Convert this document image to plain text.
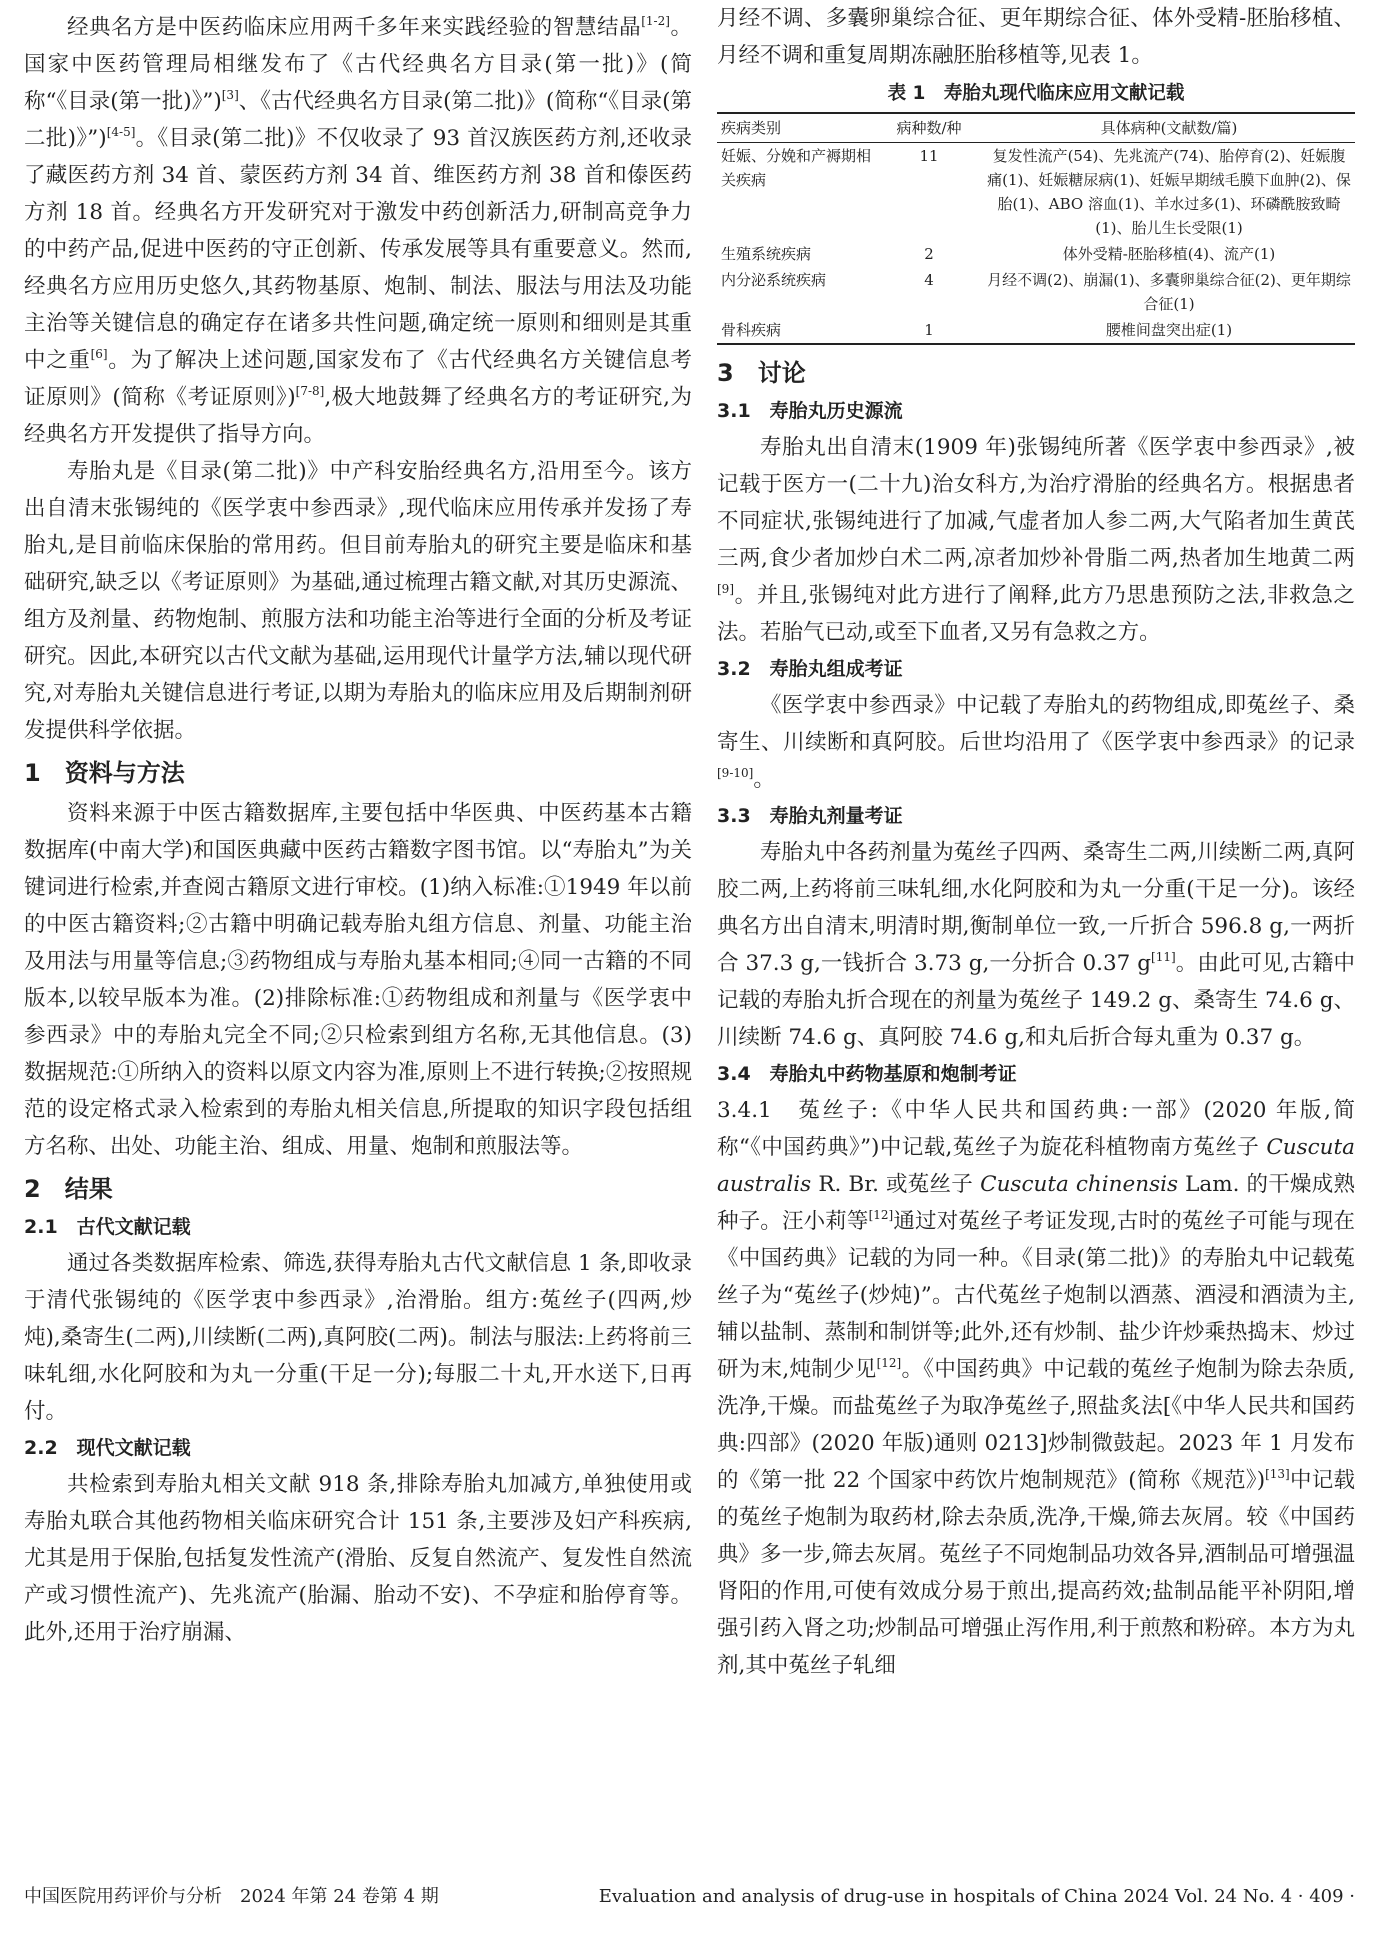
经典名方是中医药临床应用两千多年来实践经验的智慧结晶[1-2]。国家中医药管理局相继发布了《古代经典名方目录(第一批)》(简称“《目录(第一批)》”)[3]、《古代经典名方目录(第二批)》(简称“《目录(第二批)》”)[4-5]。《目录(第二批)》不仅收录了 93 首汉族医药方剂,还收录了藏医药方剂 34 首、蒙医药方剂 34 首、维医药方剂 38 首和傣医药方剂 18 首。经典名方开发研究对于激发中药创新活力,研制高竞争力的中药产品,促进中医药的守正创新、传承发展等具有重要意义。然而,经典名方应用历史悠久,其药物基原、炮制、制法、服法与用法及功能主治等关键信息的确定存在诸多共性问题,确定统一原则和细则是其重中之重[6]。为了解决上述问题,国家发布了《古代经典名方关键信息考证原则》(简称《考证原则》)[7-8],极大地鼓舞了经典名方的考证研究,为经典名方开发提供了指导方向。

寿胎丸是《目录(第二批)》中产科安胎经典名方,沿用至今。该方出自清末张锡纯的《医学衷中参西录》,现代临床应用传承并发扬了寿胎丸,是目前临床保胎的常用药。但目前寿胎丸的研究主要是临床和基础研究,缺乏以《考证原则》为基础,通过梳理古籍文献,对其历史源流、组方及剂量、药物炮制、煎服方法和功能主治等进行全面的分析及考证研究。因此,本研究以古代文献为基础,运用现代计量学方法,辅以现代研究,对寿胎丸关键信息进行考证,以期为寿胎丸的临床应用及后期制剂研发提供科学依据。

1　资料与方法

资料来源于中医古籍数据库,主要包括中华医典、中医药基本古籍数据库(中南大学)和国医典藏中医药古籍数字图书馆。以“寿胎丸”为关键词进行检索,并查阅古籍原文进行审校。(1)纳入标准:①1949 年以前的中医古籍资料;②古籍中明确记载寿胎丸组方信息、剂量、功能主治及用法与用量等信息;③药物组成与寿胎丸基本相同;④同一古籍的不同版本,以较早版本为准。(2)排除标准:①药物组成和剂量与《医学衷中参西录》中的寿胎丸完全不同;②只检索到组方名称,无其他信息。(3)数据规范:①所纳入的资料以原文内容为准,原则上不进行转换;②按照规范的设定格式录入检索到的寿胎丸相关信息,所提取的知识字段包括组方名称、出处、功能主治、组成、用量、炮制和煎服法等。

2　结果
2.1　古代文献记载

通过各类数据库检索、筛选,获得寿胎丸古代文献信息 1 条,即收录于清代张锡纯的《医学衷中参西录》,治滑胎。组方:菟丝子(四两,炒炖),桑寄生(二两),川续断(二两),真阿胶(二两)。制法与服法:上药将前三味轧细,水化阿胶和为丸一分重(干足一分);每服二十丸,开水送下,日再付。

2.2　现代文献记载

共检索到寿胎丸相关文献 918 条,排除寿胎丸加减方,单独使用或寿胎丸联合其他药物相关临床研究合计 151 条,主要涉及妇产科疾病,尤其是用于保胎,包括复发性流产(滑胎、反复自然流产、复发性自然流产或习惯性流产)、先兆流产(胎漏、胎动不安)、不孕症和胎停育等。此外,还用于治疗崩漏、

月经不调、多囊卵巢综合征、更年期综合征、体外受精-胚胎移植、月经不调和重复周期冻融胚胎移植等,见表 1。

表 1　寿胎丸现代临床应用文献记载
疾病类别	病种数/种	具体病种(文献数/篇)
妊娠、分娩和产褥期相关疾病	11	复发性流产(54)、先兆流产(74)、胎停育(2)、妊娠腹痛(1)、妊娠糖尿病(1)、妊娠早期绒毛膜下血肿(2)、保胎(1)、ABO 溶血(1)、羊水过多(1)、环磷酰胺致畸(1)、胎儿生长受限(1)
生殖系统疾病	2	体外受精-胚胎移植(4)、流产(1)
内分泌系统疾病	4	月经不调(2)、崩漏(1)、多囊卵巢综合征(2)、更年期综合征(1)
骨科疾病	1	腰椎间盘突出症(1)
3　讨论
3.1　寿胎丸历史源流

寿胎丸出自清末(1909 年)张锡纯所著《医学衷中参西录》,被记载于医方一(二十九)治女科方,为治疗滑胎的经典名方。根据患者不同症状,张锡纯进行了加减,气虚者加人参二两,大气陷者加生黄芪三两,食少者加炒白术二两,凉者加炒补骨脂二两,热者加生地黄二两[9]。并且,张锡纯对此方进行了阐释,此方乃思患预防之法,非救急之法。若胎气已动,或至下血者,又另有急救之方。

3.2　寿胎丸组成考证

《医学衷中参西录》中记载了寿胎丸的药物组成,即菟丝子、桑寄生、川续断和真阿胶。后世均沿用了《医学衷中参西录》的记录[9-10]。

3.3　寿胎丸剂量考证

寿胎丸中各药剂量为菟丝子四两、桑寄生二两,川续断二两,真阿胶二两,上药将前三味轧细,水化阿胶和为丸一分重(干足一分)。该经典名方出自清末,明清时期,衡制单位一致,一斤折合 596.8 g,一两折合 37.3 g,一钱折合 3.73 g,一分折合 0.37 g[11]。由此可见,古籍中记载的寿胎丸折合现在的剂量为菟丝子 149.2 g、桑寄生 74.6 g、川续断 74.6 g、真阿胶 74.6 g,和丸后折合每丸重为 0.37 g。

3.4　寿胎丸中药物基原和炮制考证

3.4.1　菟丝子:《中华人民共和国药典:一部》(2020 年版,简称“《中国药典》”)中记载,菟丝子为旋花科植物南方菟丝子 Cuscuta australis R. Br. 或菟丝子 Cuscuta chinensis Lam. 的干燥成熟种子。汪小莉等[12]通过对菟丝子考证发现,古时的菟丝子可能与现在《中国药典》记载的为同一种。《目录(第二批)》的寿胎丸中记载菟丝子为“菟丝子(炒炖)”。古代菟丝子炮制以酒蒸、酒浸和酒渍为主,辅以盐制、蒸制和制饼等;此外,还有炒制、盐少许炒乘热捣末、炒过研为末,炖制少见[12]。《中国药典》中记载的菟丝子炮制为除去杂质,洗净,干燥。而盐菟丝子为取净菟丝子,照盐炙法[《中华人民共和国药典:四部》(2020 年版)通则 0213]炒制微鼓起。2023 年 1 月发布的《第一批 22 个国家中药饮片炮制规范》(简称《规范》)[13]中记载的菟丝子炮制为取药材,除去杂质,洗净,干燥,筛去灰屑。较《中国药典》多一步,筛去灰屑。菟丝子不同炮制品功效各异,酒制品可增强温肾阳的作用,可使有效成分易于煎出,提高药效;盐制品能平补阴阳,增强引药入肾之功;炒制品可增强止泻作用,利于煎熬和粉碎。本方为丸剂,其中菟丝子轧细

中国医院用药评价与分析　2024 年第 24 卷第 4 期	Evaluation and analysis of drug-use in hospitals of China 2024 Vol. 24 No. 4 · 409 ·
